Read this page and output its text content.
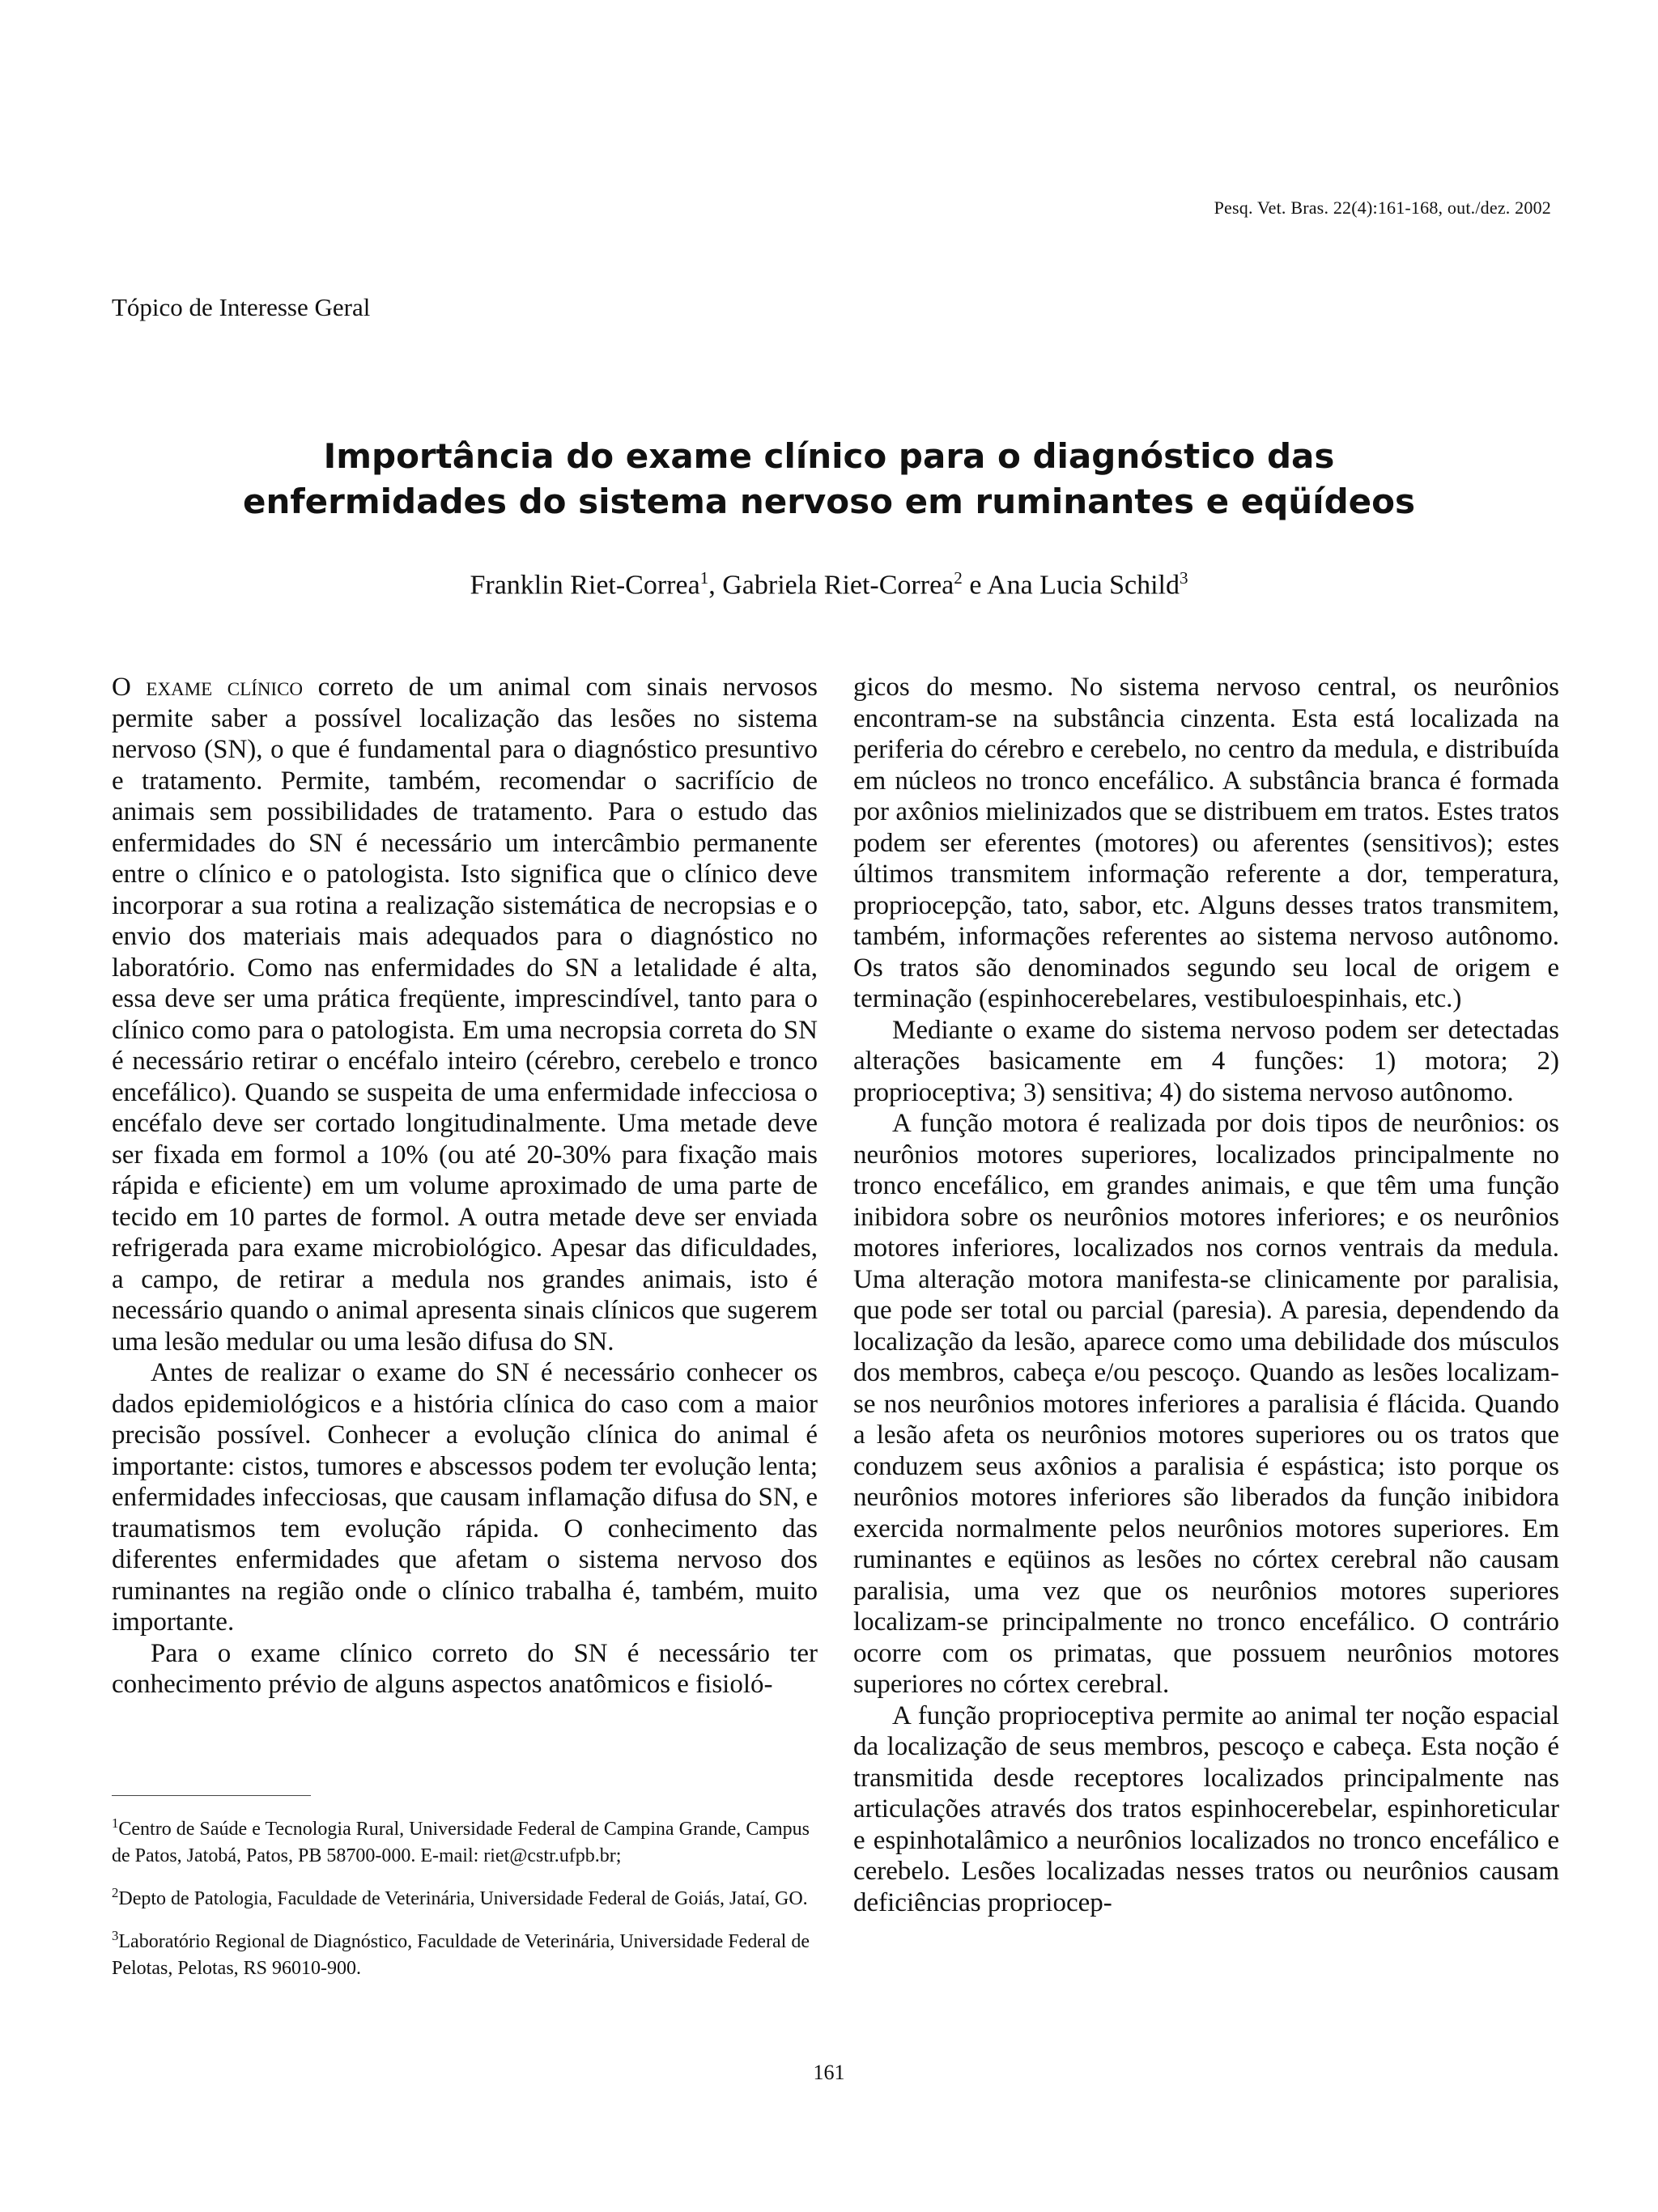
Pesq. Vet. Bras. 22(4):161-168, out./dez. 2002
Tópico de Interesse Geral
Importância do exame clínico para o diagnóstico das
enfermidades do sistema nervoso em ruminantes e eqüídeos
Franklin Riet-Correa$^1$, Gabriela Riet-Correa$^2$ e Ana Lucia Schild$^3$

O exame clínico correto de um animal com sinais nervosos permite saber a possível localização das lesões no sistema nervoso (SN), o que é fundamental para o diagnóstico presuntivo e tratamento. Permite, também, recomendar o sacrifício de animais sem possibilidades de tratamento. Para o estudo das enfermidades do SN é necessário um intercâmbio permanente entre o clínico e o patologista. Isto significa que o clínico deve incorporar a sua rotina a realização sistemática de necropsias e o envio dos materiais mais adequados para o diagnóstico no laboratório. Como nas enfermidades do SN a letalidade é alta, essa deve ser uma prática freqüente, imprescindível, tanto para o clínico como para o patologista. Em uma necropsia correta do SN é necessário retirar o encéfalo inteiro (cérebro, cerebelo e tronco encefálico). Quando se suspeita de uma enfermidade infecciosa o encéfalo deve ser cortado longitudinalmente. Uma metade deve ser fixada em formol a 10% (ou até 20-30% para fixação mais rápida e eficiente) em um volume aproximado de uma parte de tecido em 10 partes de formol. A outra metade deve ser enviada refrigerada para exame microbiológico. Apesar das dificuldades, a campo, de retirar a medula nos grandes animais, isto é necessário quando o animal apresenta sinais clínicos que sugerem uma lesão medular ou uma lesão difusa do SN.

Antes de realizar o exame do SN é necessário conhecer os dados epidemiológicos e a história clínica do caso com a maior precisão possível. Conhecer a evolução clínica do animal é importante: cistos, tumores e abscessos podem ter evolução lenta; enfermidades infecciosas, que causam inflamação difusa do SN, e traumatismos tem evolução rápida. O conhecimento das diferentes enfermidades que afetam o sistema nervoso dos ruminantes na região onde o clínico trabalha é, também, muito importante.

Para o exame clínico correto do SN é necessário ter conhecimento prévio de alguns aspectos anatômicos e fisioló-

gicos do mesmo. No sistema nervoso central, os neurônios encontram-se na substância cinzenta. Esta está localizada na periferia do cérebro e cerebelo, no centro da medula, e distribuída em núcleos no tronco encefálico. A substância branca é formada por axônios mielinizados que se distribuem em tratos. Estes tratos podem ser eferentes (motores) ou aferentes (sensitivos); estes últimos transmitem informação referente a dor, temperatura, propriocepção, tato, sabor, etc. Alguns desses tratos transmitem, também, informações referentes ao sistema nervoso autônomo. Os tratos são denominados segundo seu local de origem e terminação (espinhocerebelares, vestibuloespinhais, etc.)

Mediante o exame do sistema nervoso podem ser detectadas alterações basicamente em 4 funções: 1) motora; 2) proprioceptiva; 3) sensitiva; 4) do sistema nervoso autônomo.

A função motora é realizada por dois tipos de neurônios: os neurônios motores superiores, localizados principalmente no tronco encefálico, em grandes animais, e que têm uma função inibidora sobre os neurônios motores inferiores; e os neurônios motores inferiores, localizados nos cornos ventrais da medula. Uma alteração motora manifesta-se clinicamente por paralisia, que pode ser total ou parcial (paresia). A paresia, dependendo da localização da lesão, aparece como uma debilidade dos músculos dos membros, cabeça e/ou pescoço. Quando as lesões localizam-se nos neurônios motores inferiores a paralisia é flácida. Quando a lesão afeta os neurônios motores superiores ou os tratos que conduzem seus axônios a paralisia é espástica; isto porque os neurônios motores inferiores são liberados da função inibidora exercida normalmente pelos neurônios motores superiores. Em ruminantes e eqüinos as lesões no córtex cerebral não causam paralisia, uma vez que os neurônios motores superiores localizam-se principalmente no tronco encefálico. O contrário ocorre com os primatas, que possuem neurônios motores superiores no córtex cerebral.

A função proprioceptiva permite ao animal ter noção espacial da localização de seus membros, pescoço e cabeça. Esta noção é transmitida desde receptores localizados principalmente nas articulações através dos tratos espinhocerebelar, espinhoreticular e espinhotalâmico a neurônios localizados no tronco encefálico e cerebelo. Lesões localizadas nesses tratos ou neurônios causam deficiências propriocep-

$^1$Centro de Saúde e Tecnologia Rural, Universidade Federal de Campina Grande, Campus de Patos, Jatobá, Patos, PB 58700-000. E-mail: riet@cstr.ufpb.br;

$^2$Depto de Patologia, Faculdade de Veterinária, Universidade Federal de Goiás, Jataí, GO.

$^3$Laboratório Regional de Diagnóstico, Faculdade de Veterinária, Universidade Federal de Pelotas, Pelotas, RS 96010-900.

161
